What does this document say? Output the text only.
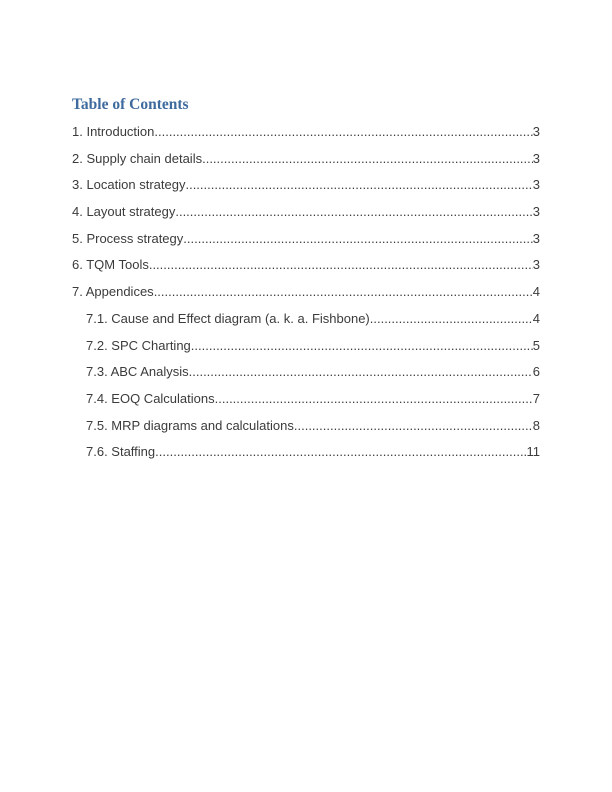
Table of Contents
1. Introduction .....	3
2. Supply chain details .....	3
3. Location strategy .....	3
4. Layout strategy .....	3
5. Process strategy .....	3
6. TQM Tools .....	3
7. Appendices .....	4
7.1. Cause and Effect diagram (a. k. a. Fishbone) .....	4
7.2. SPC Charting .....	5
7.3. ABC Analysis .....	6
7.4. EOQ Calculations .....	7
7.5. MRP diagrams and calculations .....	8
7.6. Staffing .....	11
